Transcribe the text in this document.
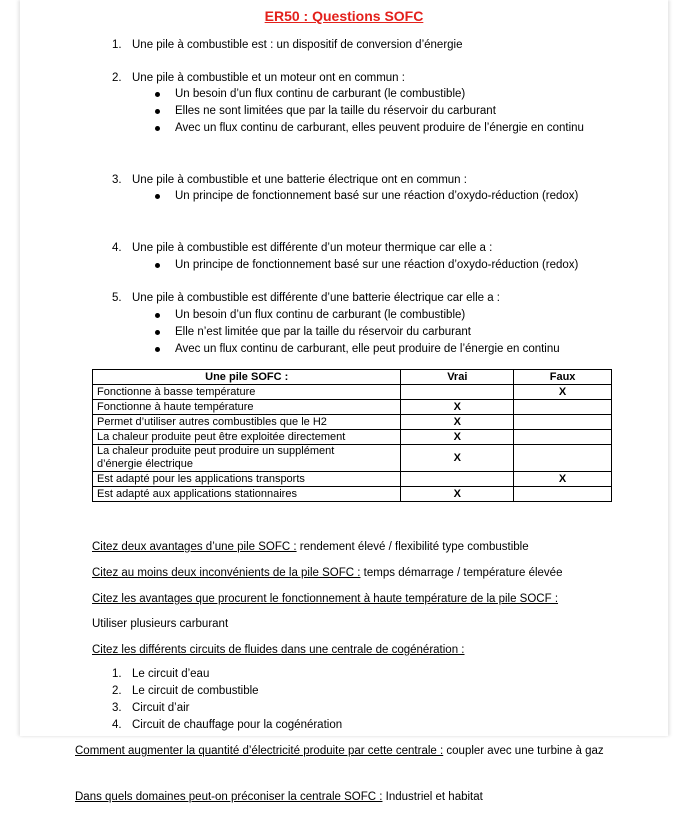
ER50 : Questions SOFC
1. Une pile à combustible est : un dispositif de conversion d’énergie
2. Une pile à combustible et un moteur ont en commun :
Un besoin d’un flux continu de carburant (le combustible)
Elles ne sont limitées que par la taille du réservoir du carburant
Avec un flux continu de carburant, elles peuvent produire de l’énergie en continu
3. Une pile à combustible et une batterie électrique ont en commun :
Un principe de fonctionnement basé sur une réaction d’oxydo-réduction (redox)
4. Une pile à combustible est différente d’un moteur thermique car elle a :
Un principe de fonctionnement basé sur une réaction d’oxydo-réduction (redox)
5. Une pile à combustible est différente d’une batterie électrique car elle a :
Un besoin d’un flux continu de carburant (le combustible)
Elle n’est limitée que par la taille du réservoir du carburant
Avec un flux continu de carburant, elle peut produire de l’énergie en continu
Une pile SOFC :	Vrai	Faux
Fonctionne à basse température		X
Fonctionne à haute température	X	
Permet d’utiliser autres combustibles que le H2	X	
La chaleur produite peut être exploitée directement	X	
La chaleur produite peut produire un supplément d’énergie électrique	X	
Est adapté pour les applications transports		X
Est adapté aux applications stationnaires	X	
Citez deux avantages d’une pile SOFC : rendement élevé / flexibilité type combustible
Citez au moins deux inconvénients de la pile SOFC : temps démarrage / température élevée
Citez les avantages que procurent le fonctionnement à haute température de la pile SOCF :
Utiliser plusieurs carburant
Citez les différents circuits de fluides dans une centrale de cogénération :
1. Le circuit d’eau
2. Le circuit de combustible
3. Circuit d’air
4. Circuit de chauffage pour la cogénération
Comment augmenter la quantité d’électricité produite par cette centrale : coupler avec une turbine à gaz
Dans quels domaines peut-on préconiser la centrale SOFC : Industriel et habitat
